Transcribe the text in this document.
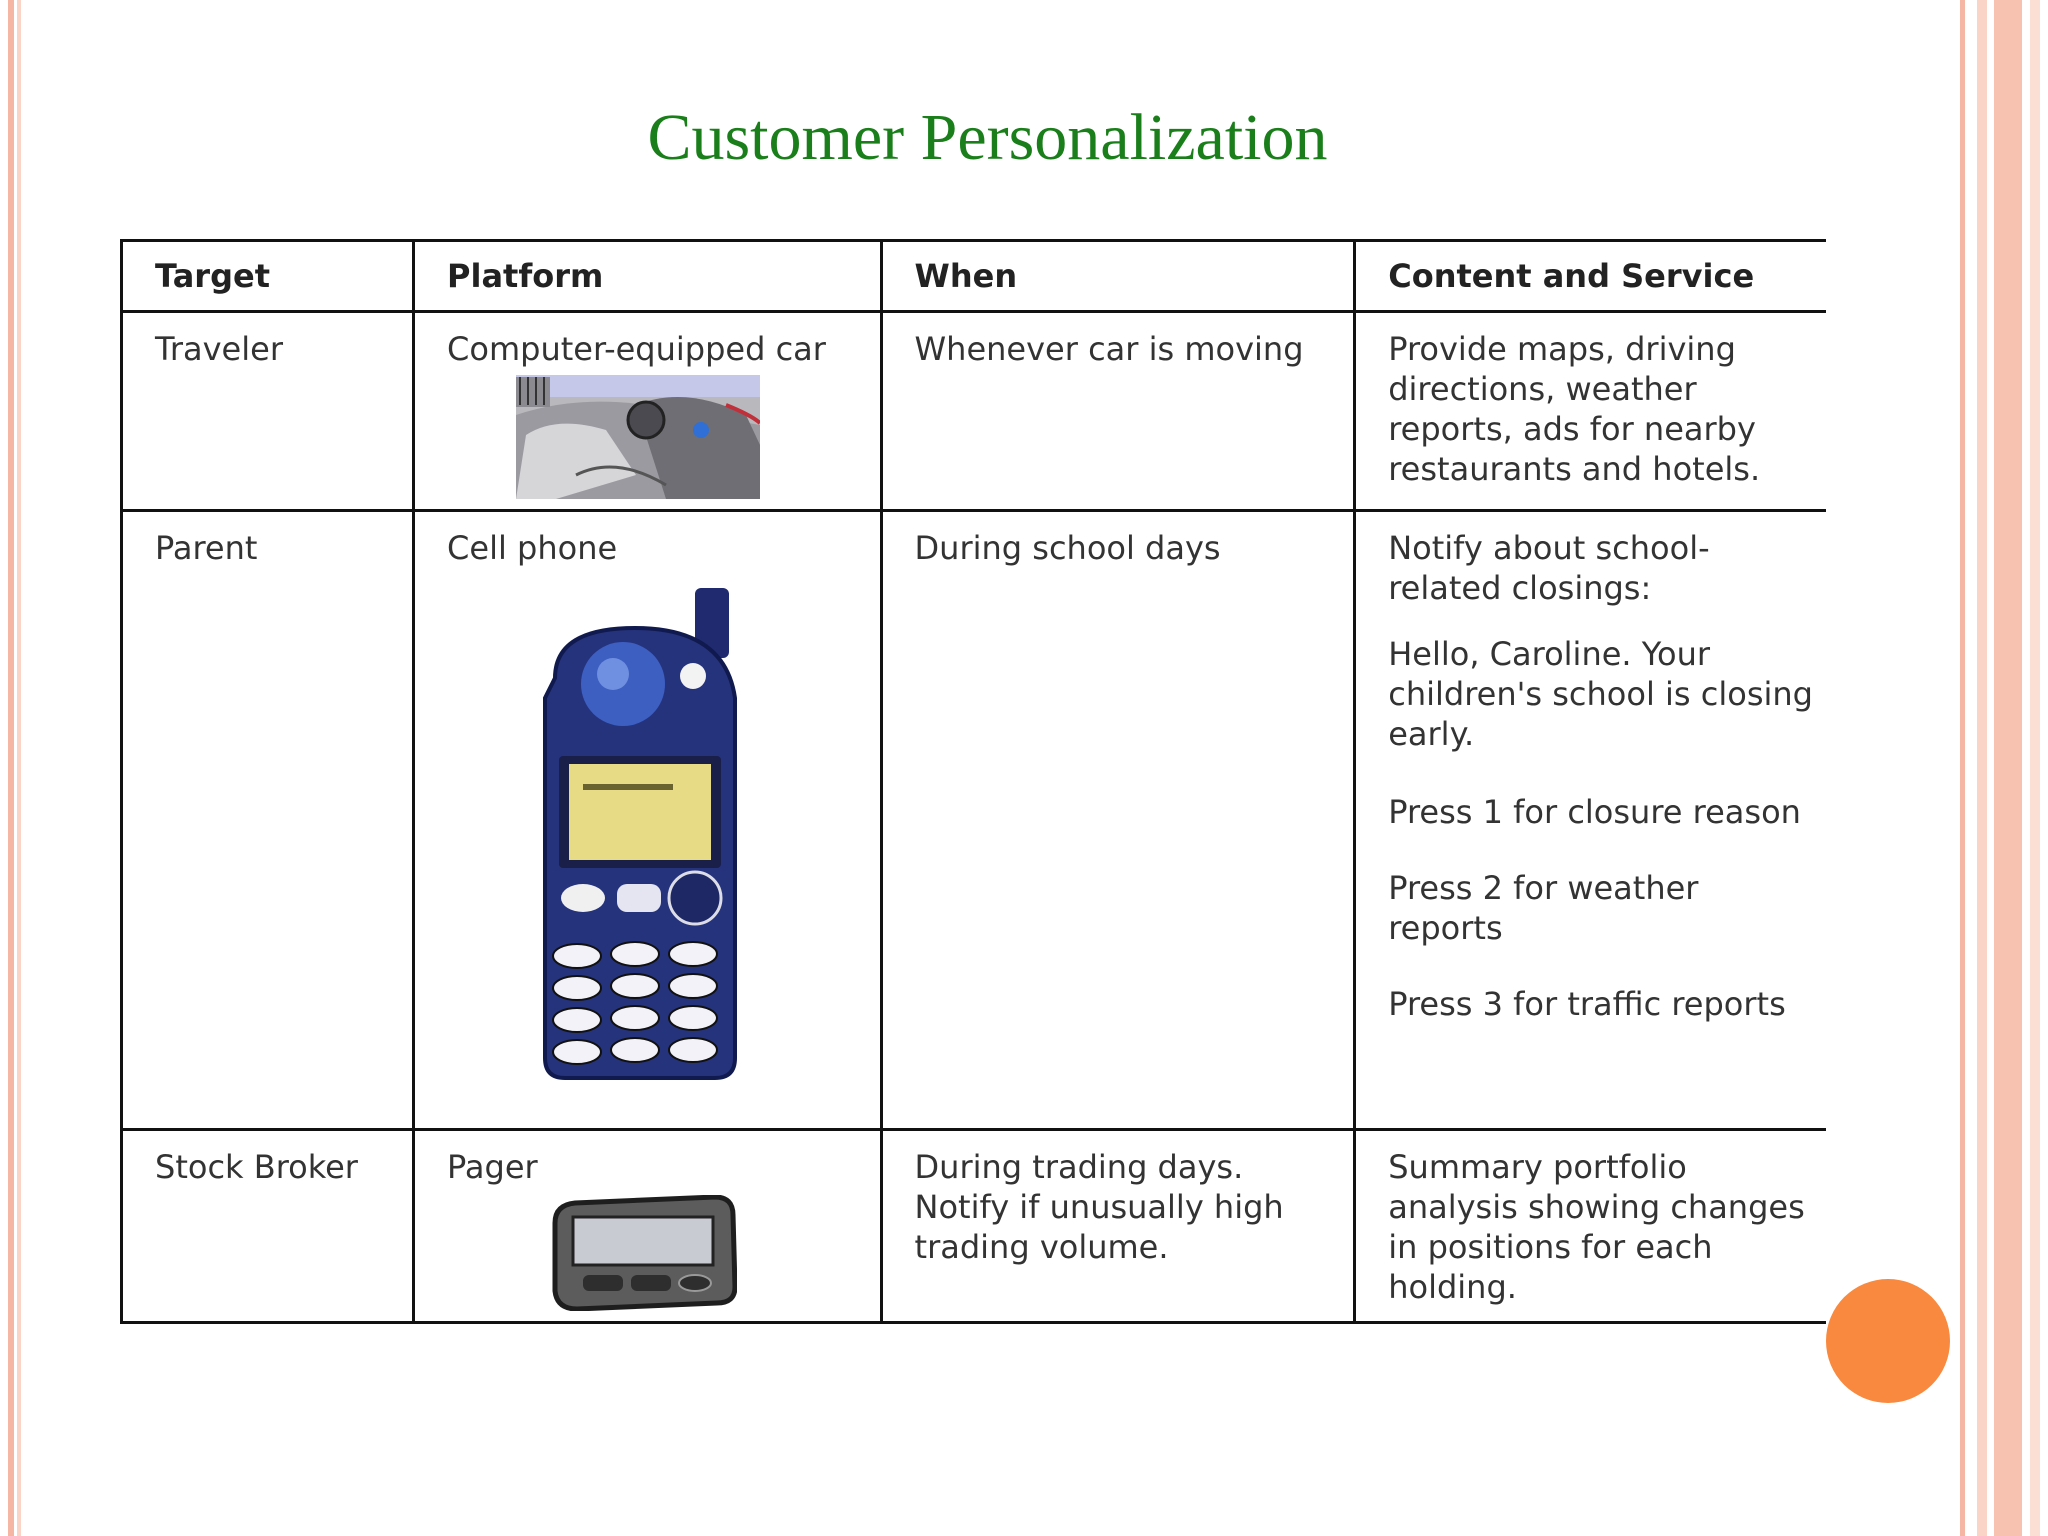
Customer Personalization
Target	Platform	When	Content and Service
Traveler	Computer-equipped car	Whenever car is moving	Provide maps, driving directions, weather reports, ads for nearby restaurants and hotels.

Parent	Cell phone	During school days	Notify about school-related closings:

Hello, Caroline. Your children's school is closing early.

Press 1 for closure reason

Press 2 for weather reports

Press 3 for traffic reports

Stock Broker	Pager	During trading days. Notify if unusually high trading volume.	Summary portfolio analysis showing changes in positions for each holding.
